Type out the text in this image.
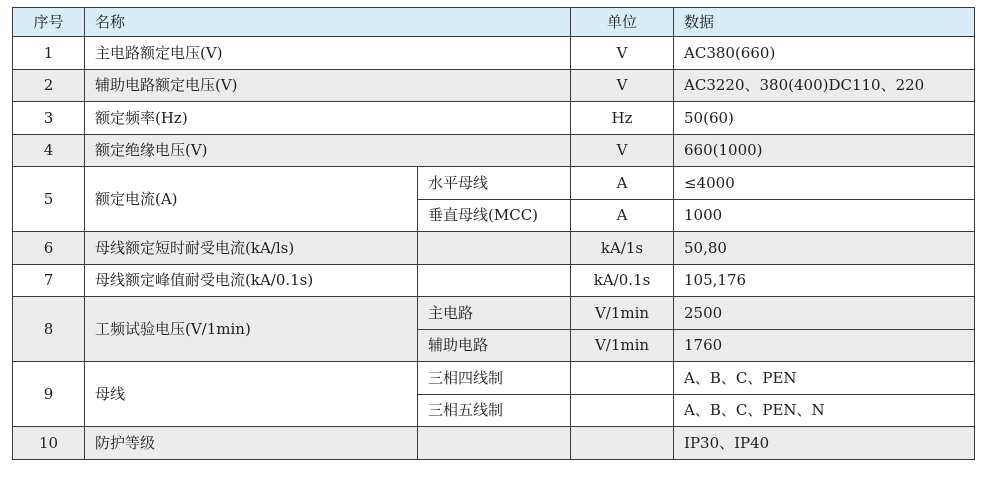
序号	名称		单位	数据
1	主电路额定电压(V)		V	AC380(660)
2	辅助电路额定电压(V)		V	AC3220、380(400)DC110、220
3	额定频率(Hz)		Hz	50(60)
4	额定绝缘电压(V)		V	660(1000)
5	额定电流(A)	水平母线	A	≤4000
		垂直母线(MCC)	A	1000
6	母线额定短时耐受电流(kA/ls)		kA/1s	50,80
7	母线额定峰值耐受电流(kA/0.1s)		kA/0.1s	105,176
8	工频试验电压(V/1min)	主电路	V/1min	2500
		辅助电路	V/1min	1760
9	母线	三相四线制		A、B、C、PEN
		三相五线制		A、B、C、PEN、N
10	防护等级			IP30、IP40
